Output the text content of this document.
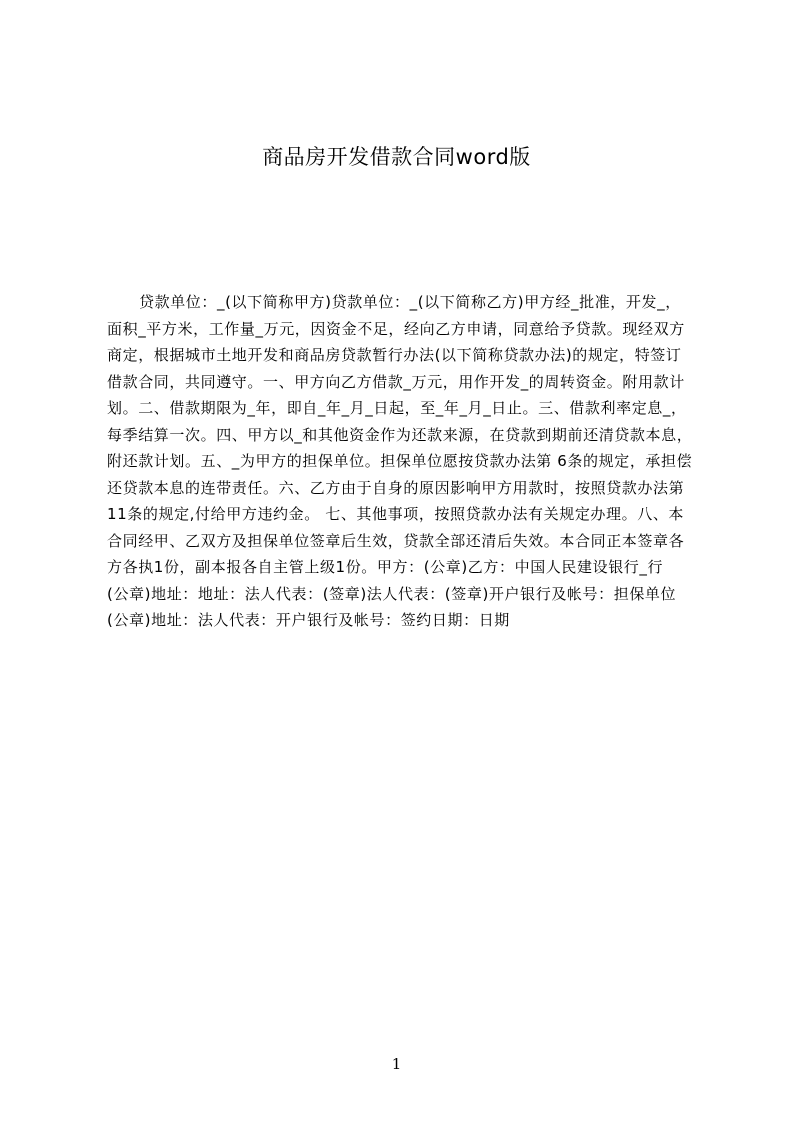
商品房开发借款合同word版
贷款单位：_(以下简称甲方)贷款单位：_(以下简称乙方)甲方经_批准，开发_，
面积_平方米，工作量_万元，因资金不足，经向乙方申请，同意给予贷款。现经双方
商定，根据城市土地开发和商品房贷款暂行办法(以下简称贷款办法)的规定，特签订
借款合同，共同遵守。一、甲方向乙方借款_万元，用作开发_的周转资金。附用款计
划。二、借款期限为_年，即自_年_月_日起，至_年_月_日止。三、借款利率定息_，
每季结算一次。四、甲方以_和其他资金作为还款来源，在贷款到期前还清贷款本息，
附还款计划。五、_为甲方的担保单位。担保单位愿按贷款办法第 6条的规定，承担偿
还贷款本息的连带责任。六、乙方由于自身的原因影响甲方用款时，按照贷款办法第
11条的规定,付给甲方违约金。 七、其他事项，按照贷款办法有关规定办理。八、本
合同经甲、乙双方及担保单位签章后生效，贷款全部还清后失效。本合同正本签章各
方各执1份，副本报各自主管上级1份。甲方：(公章)乙方：中国人民建设银行_行
(公章)地址：地址：法人代表：(签章)法人代表：(签章)开户银行及帐号：担保单位
(公章)地址：法人代表：开户银行及帐号：签约日期：日期
1
